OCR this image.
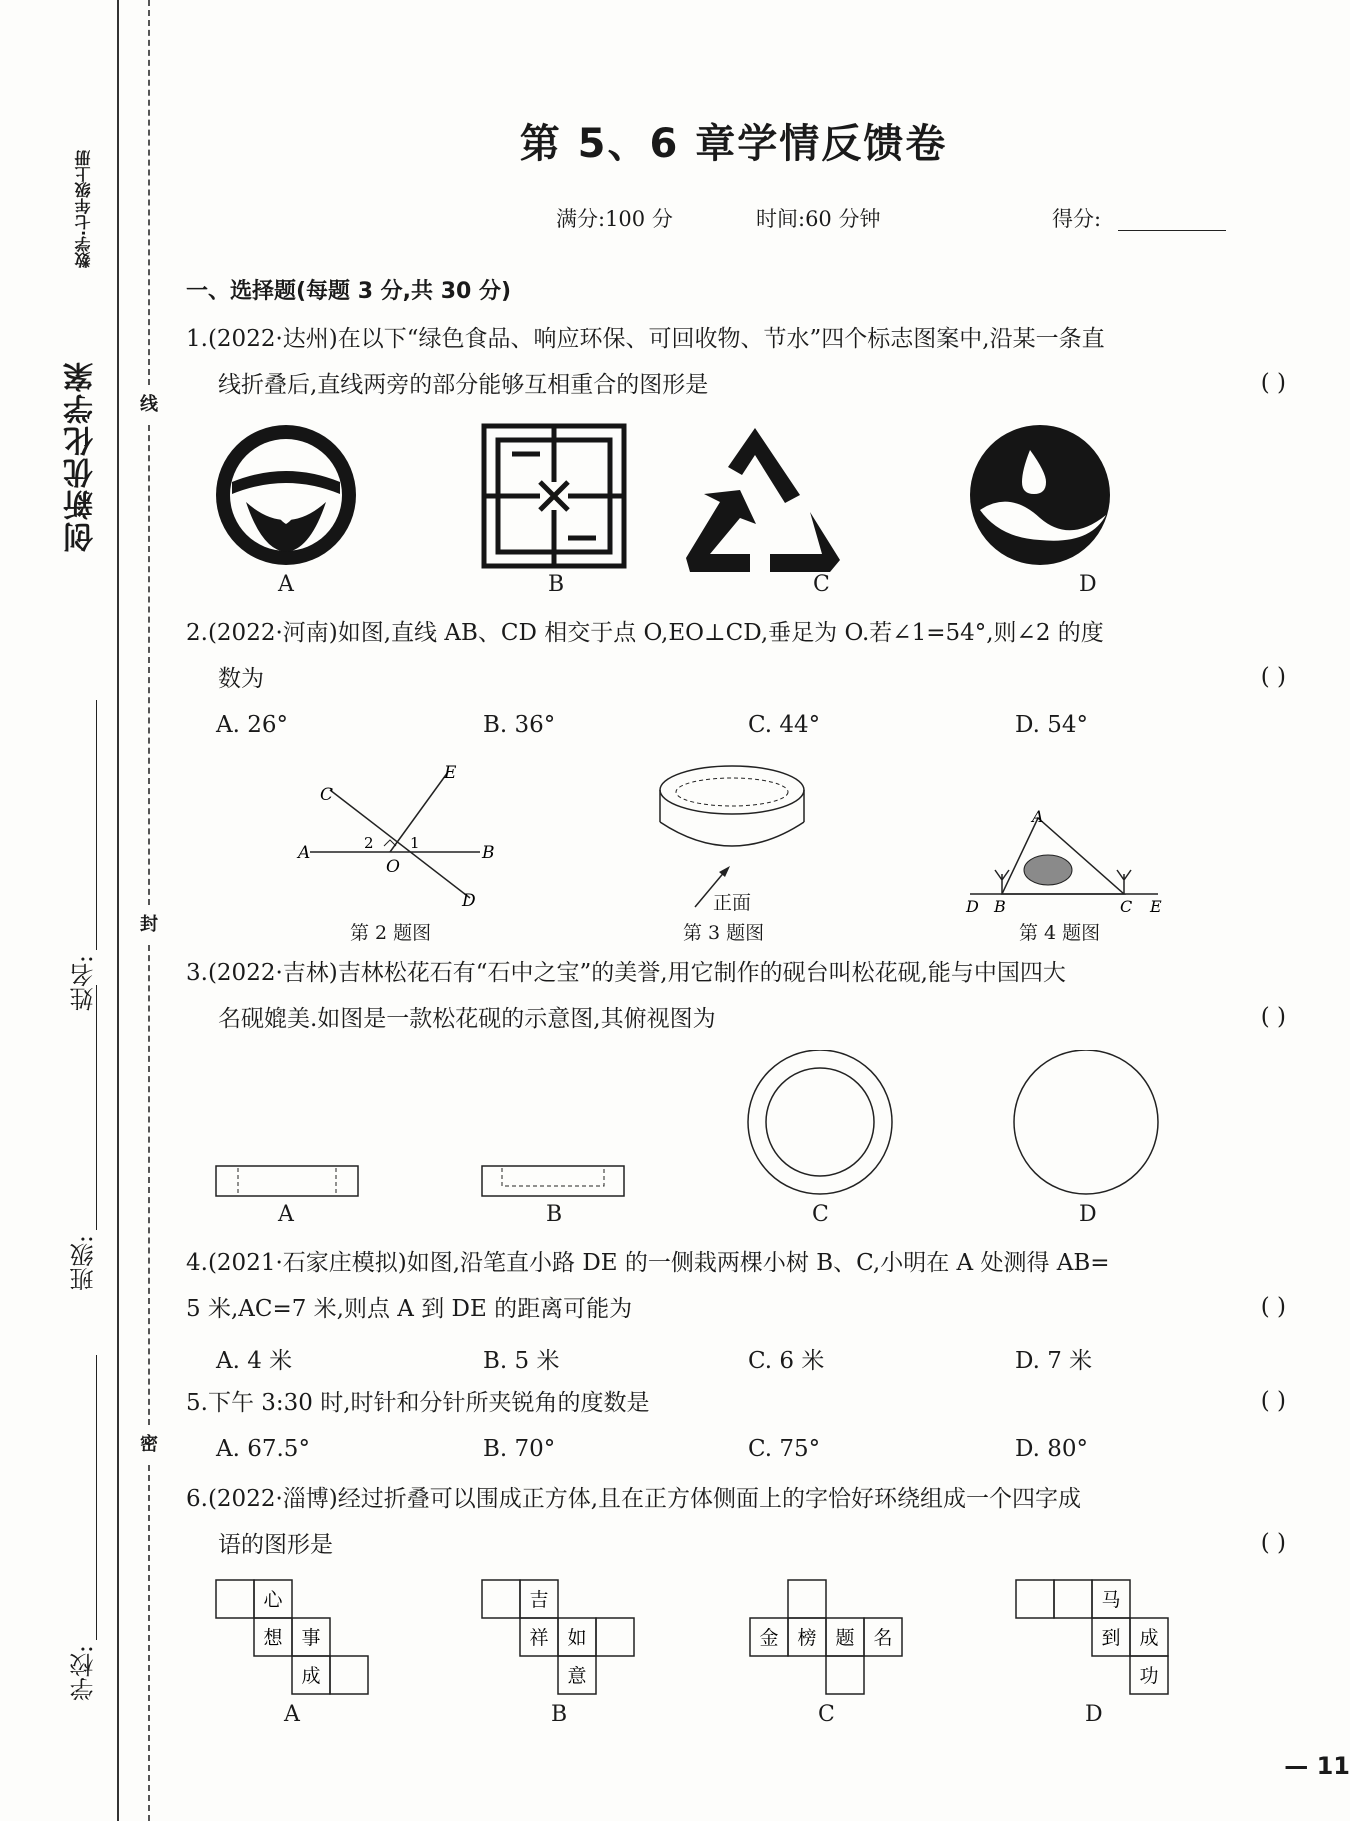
数学·七年级上册
创新优化学案
姓名:
班级:
学校:
线
封
密
第 5、6 章学情反馈卷
满分:100 分	时间:60 分钟	得分:
一、选择题(每题 3 分,共 30 分)
1.(2022·达州)在以下“绿色食品、响应环保、可回收物、节水”四个标志图案中,沿某一条直
线折叠后,直线两旁的部分能够互相重合的图形是	( )
A	B	C	D
2.(2022·河南)如图,直线 AB、CD 相交于点 O,EO⊥CD,垂足为 O.若∠1=54°,则∠2 的度
数为	( )
A. 26°	B. 36°	C. 44°	D. 54°
C
E
A	B
O
D
2 1
第 2 题图
正面
第 3 题图
A
D B	C E
第 4 题图
3.(2022·吉林)吉林松花石有“石中之宝”的美誉,用它制作的砚台叫松花砚,能与中国四大
名砚媲美.如图是一款松花砚的示意图,其俯视图为	( )
A	B	C	D
4.(2021·石家庄模拟)如图,沿笔直小路 DE 的一侧栽两棵小树 B、C,小明在 A 处测得 AB=
5 米,AC=7 米,则点 A 到 DE 的距离可能为	( )
A. 4 米	B. 5 米	C. 6 米	D. 7 米
5.下午 3:30 时,时针和分针所夹锐角的度数是	( )
A. 67.5°	B. 70°	C. 75°	D. 80°
6.(2022·淄博)经过折叠可以围成正方体,且在正方体侧面上的字恰好环绕组成一个四字成
语的图形是	( )
心
想 事
成
吉
祥 如
意
金 榜 题 名
马
到 成
功
A	B	C	D
— 11
